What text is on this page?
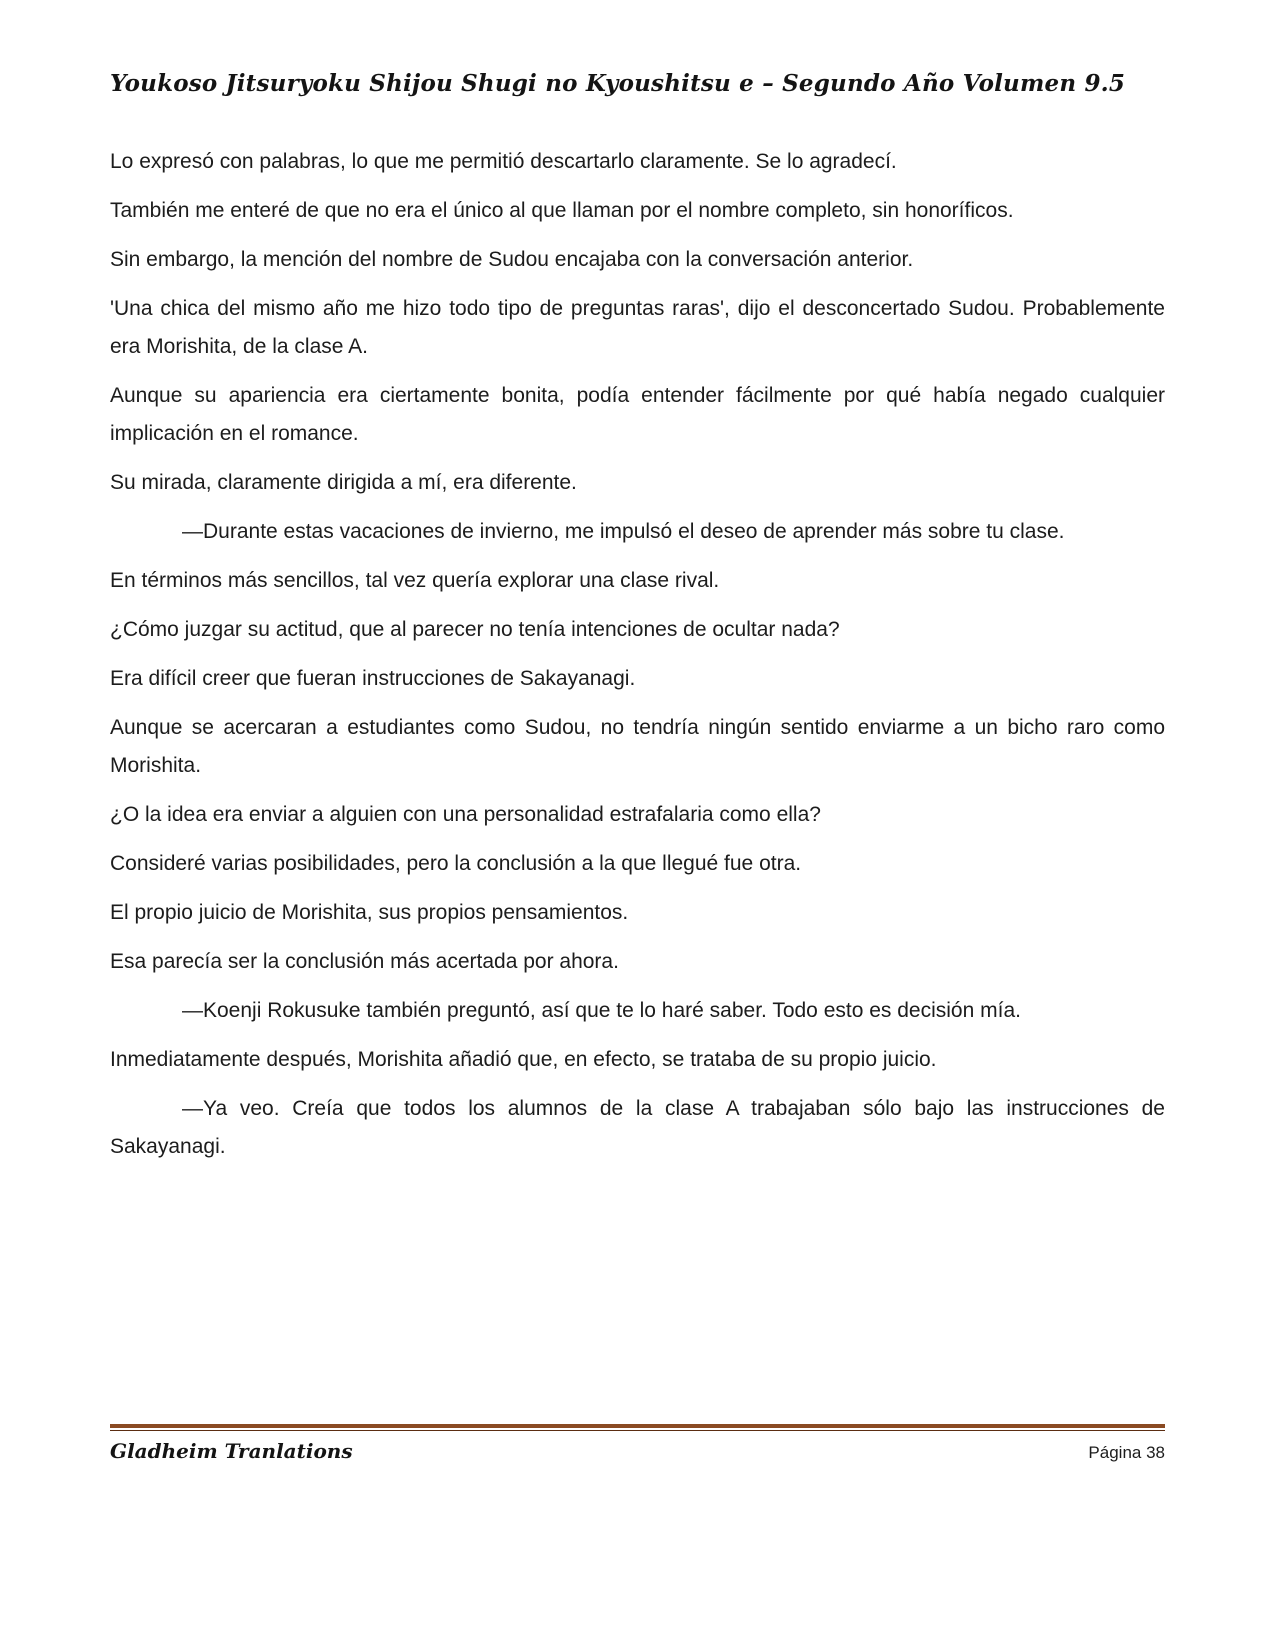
Youkoso Jitsuryoku Shijou Shugi no Kyoushitsu e – Segundo Año Volumen 9.5

Lo expresó con palabras, lo que me permitió descartarlo claramente. Se lo agradecí.

También me enteré de que no era el único al que llaman por el nombre completo, sin honoríficos.

Sin embargo, la mención del nombre de Sudou encajaba con la conversación anterior.

'Una chica del mismo año me hizo todo tipo de preguntas raras', dijo el desconcertado Sudou. Probablemente era Morishita, de la clase A.

Aunque su apariencia era ciertamente bonita, podía entender fácilmente por qué había negado cualquier implicación en el romance.

Su mirada, claramente dirigida a mí, era diferente.

—Durante estas vacaciones de invierno, me impulsó el deseo de aprender más sobre tu clase.

En términos más sencillos, tal vez quería explorar una clase rival.

¿Cómo juzgar su actitud, que al parecer no tenía intenciones de ocultar nada?

Era difícil creer que fueran instrucciones de Sakayanagi.

Aunque se acercaran a estudiantes como Sudou, no tendría ningún sentido enviarme a un bicho raro como Morishita.

¿O la idea era enviar a alguien con una personalidad estrafalaria como ella?

Consideré varias posibilidades, pero la conclusión a la que llegué fue otra.

El propio juicio de Morishita, sus propios pensamientos.

Esa parecía ser la conclusión más acertada por ahora.

—Koenji Rokusuke también preguntó, así que te lo haré saber. Todo esto es decisión mía.

Inmediatamente después, Morishita añadió que, en efecto, se trataba de su propio juicio.

—Ya veo. Creía que todos los alumnos de la clase A trabajaban sólo bajo las instrucciones de Sakayanagi.

Gladheim Tranlations	Página 38
